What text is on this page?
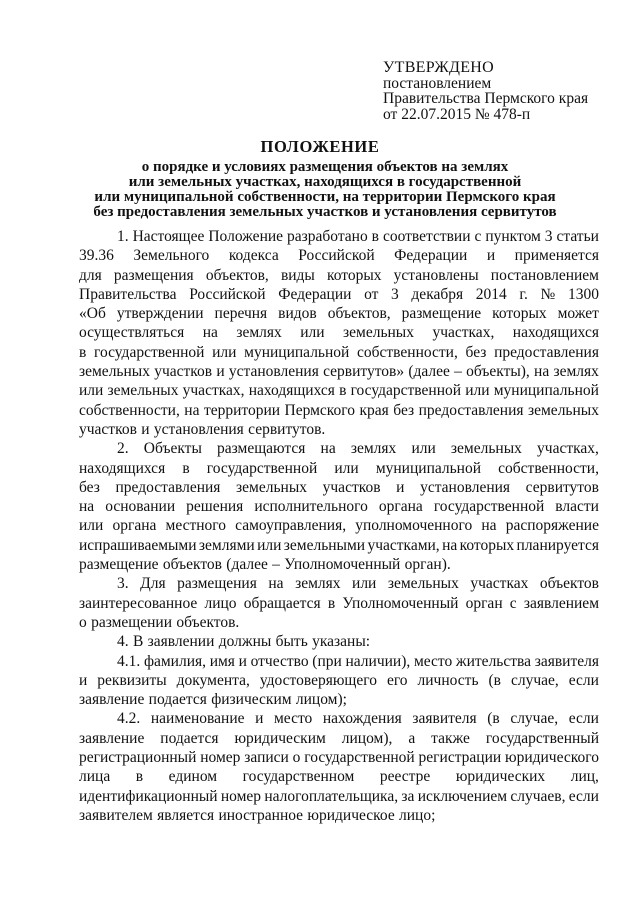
УТВЕРЖДЕНО
постановлением
Правительства Пермского края
от 22.07.2015 № 478-п
ПОЛОЖЕНИЕ
о порядке и условиях размещения объектов на землях
или земельных участках, находящихся в государственной
или муниципальной собственности, на территории Пермского края
без предоставления земельных участков и установления сервитутов
1. Настоящее Положение разработано в соответствии с пунктом 3 статьи
39.36 Земельного кодекса Российской Федерации и применяется
для размещения объектов, виды которых установлены постановлением
Правительства Российской Федерации от 3 декабря 2014 г. № 1300
«Об утверждении перечня видов объектов, размещение которых может
осуществляться на землях или земельных участках, находящихся
в государственной или муниципальной собственности, без предоставления
земельных участков и установления сервитутов» (далее – объекты), на землях
или земельных участках, находящихся в государственной или муниципальной
собственности, на территории Пермского края без предоставления земельных
участков и установления сервитутов.
2. Объекты размещаются на землях или земельных участках,
находящихся в государственной или муниципальной собственности,
без предоставления земельных участков и установления сервитутов
на основании решения исполнительного органа государственной власти
или органа местного самоуправления, уполномоченного на распоряжение
испрашиваемыми землями или земельными участками, на которых планируется
размещение объектов (далее – Уполномоченный орган).
3. Для размещения на землях или земельных участках объектов
заинтересованное лицо обращается в Уполномоченный орган с заявлением
о размещении объектов.
4. В заявлении должны быть указаны:
4.1. фамилия, имя и отчество (при наличии), место жительства заявителя
и реквизиты документа, удостоверяющего его личность (в случае, если
заявление подается физическим лицом);
4.2. наименование и место нахождения заявителя (в случае, если
заявление подается юридическим лицом), а также государственный
регистрационный номер записи о государственной регистрации юридического
лица в едином государственном реестре юридических лиц,
идентификационный номер налогоплательщика, за исключением случаев, если
заявителем является иностранное юридическое лицо;
